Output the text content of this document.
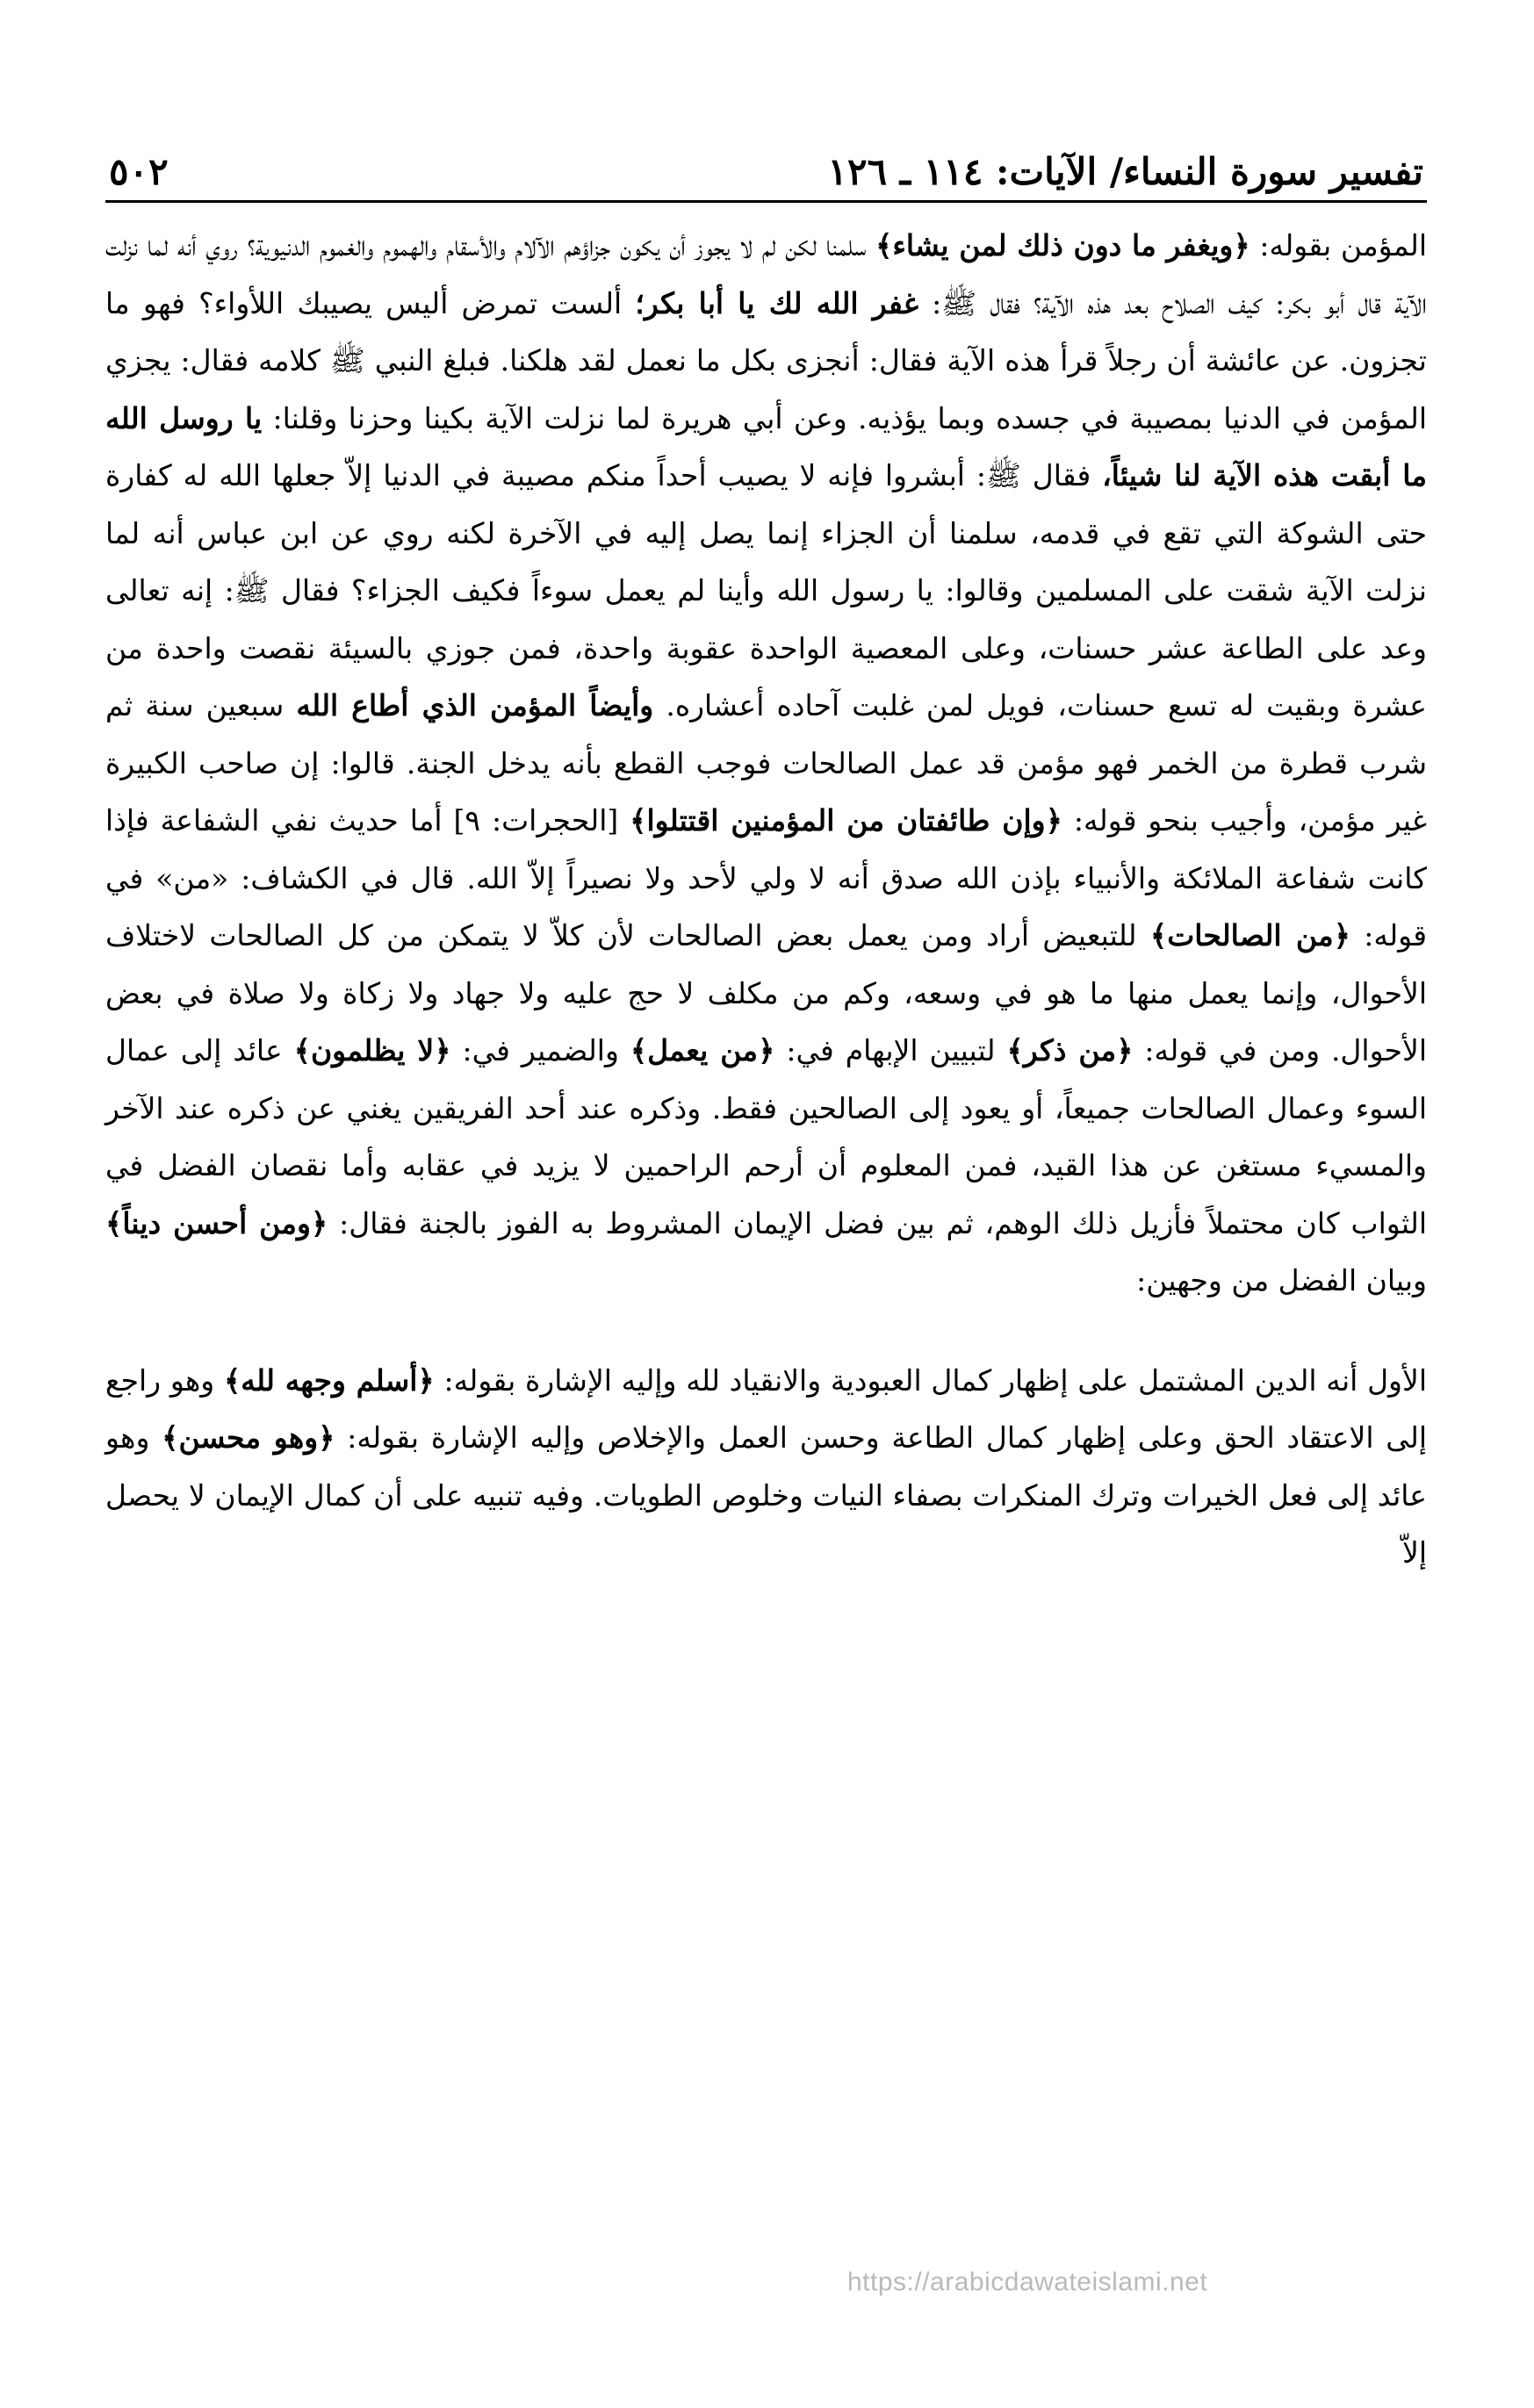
تفسير سورة النساء/ الآيات: ١١٤ ـ ١٢٦
٥٠٢

المؤمن بقوله: ﴿ويغفر ما دون ذلك لمن يشاء﴾ سلمنا لكن لم لا يجوز أن يكون جزاؤهم الآلام والأسقام والهموم والغموم الدنيوية؟ روي أنه لما نزلت الآية قال أبو بكر: كيف الصلاح بعد هذه الآية؟ فقال ﷺ: غفر الله لك يا أبا بكر؛ ألست تمرض أليس يصيبك اللأواء؟ فهو ما تجزون. عن عائشة أن رجلاً قرأ هذه الآية فقال: أنجزى بكل ما نعمل لقد هلكنا. فبلغ النبي ﷺ كلامه فقال: يجزي المؤمن في الدنيا بمصيبة في جسده وبما يؤذيه. وعن أبي هريرة لما نزلت الآية بكينا وحزنا وقلنا: يا روسل الله ما أبقت هذه الآية لنا شيئاً، فقال ﷺ: أبشروا فإنه لا يصيب أحداً منكم مصيبة في الدنيا إلاّ جعلها الله له كفارة حتى الشوكة التي تقع في قدمه، سلمنا أن الجزاء إنما يصل إليه في الآخرة لكنه روي عن ابن عباس أنه لما نزلت الآية شقت على المسلمين وقالوا: يا رسول الله وأينا لم يعمل سوءاً فكيف الجزاء؟ فقال ﷺ: إنه تعالى وعد على الطاعة عشر حسنات، وعلى المعصية الواحدة عقوبة واحدة، فمن جوزي بالسيئة نقصت واحدة من عشرة وبقيت له تسع حسنات، فويل لمن غلبت آحاده أعشاره. وأيضاً المؤمن الذي أطاع الله سبعين سنة ثم شرب قطرة من الخمر فهو مؤمن قد عمل الصالحات فوجب القطع بأنه يدخل الجنة. قالوا: إن صاحب الكبيرة غير مؤمن، وأجيب بنحو قوله: ﴿وإن طائفتان من المؤمنين اقتتلوا﴾ [الحجرات: ٩] أما حديث نفي الشفاعة فإذا كانت شفاعة الملائكة والأنبياء بإذن الله صدق أنه لا ولي لأحد ولا نصيراً إلاّ الله. قال في الكشاف: «من» في قوله: ﴿من الصالحات﴾ للتبعيض أراد ومن يعمل بعض الصالحات لأن كلاّ لا يتمكن من كل الصالحات لاختلاف الأحوال، وإنما يعمل منها ما هو في وسعه، وكم من مكلف لا حج عليه ولا جهاد ولا زكاة ولا صلاة في بعض الأحوال. ومن في قوله: ﴿من ذكر﴾ لتبيين الإبهام في: ﴿من يعمل﴾ والضمير في: ﴿لا يظلمون﴾ عائد إلى عمال السوء وعمال الصالحات جميعاً، أو يعود إلى الصالحين فقط. وذكره عند أحد الفريقين يغني عن ذكره عند الآخر والمسيء مستغن عن هذا القيد، فمن المعلوم أن أرحم الراحمين لا يزيد في عقابه وأما نقصان الفضل في الثواب كان محتملاً فأزيل ذلك الوهم، ثم بين فضل الإيمان المشروط به الفوز بالجنة فقال: ﴿ومن أحسن ديناً﴾ وبيان الفضل من وجهين:

الأول أنه الدين المشتمل على إظهار كمال العبودية والانقياد لله وإليه الإشارة بقوله: ﴿أسلم وجهه لله﴾ وهو راجع إلى الاعتقاد الحق وعلى إظهار كمال الطاعة وحسن العمل والإخلاص وإليه الإشارة بقوله: ﴿وهو محسن﴾ وهو عائد إلى فعل الخيرات وترك المنكرات بصفاء النيات وخلوص الطويات. وفيه تنبيه على أن كمال الإيمان لا يحصل إلاّ

https://arabicdawateislami.net
